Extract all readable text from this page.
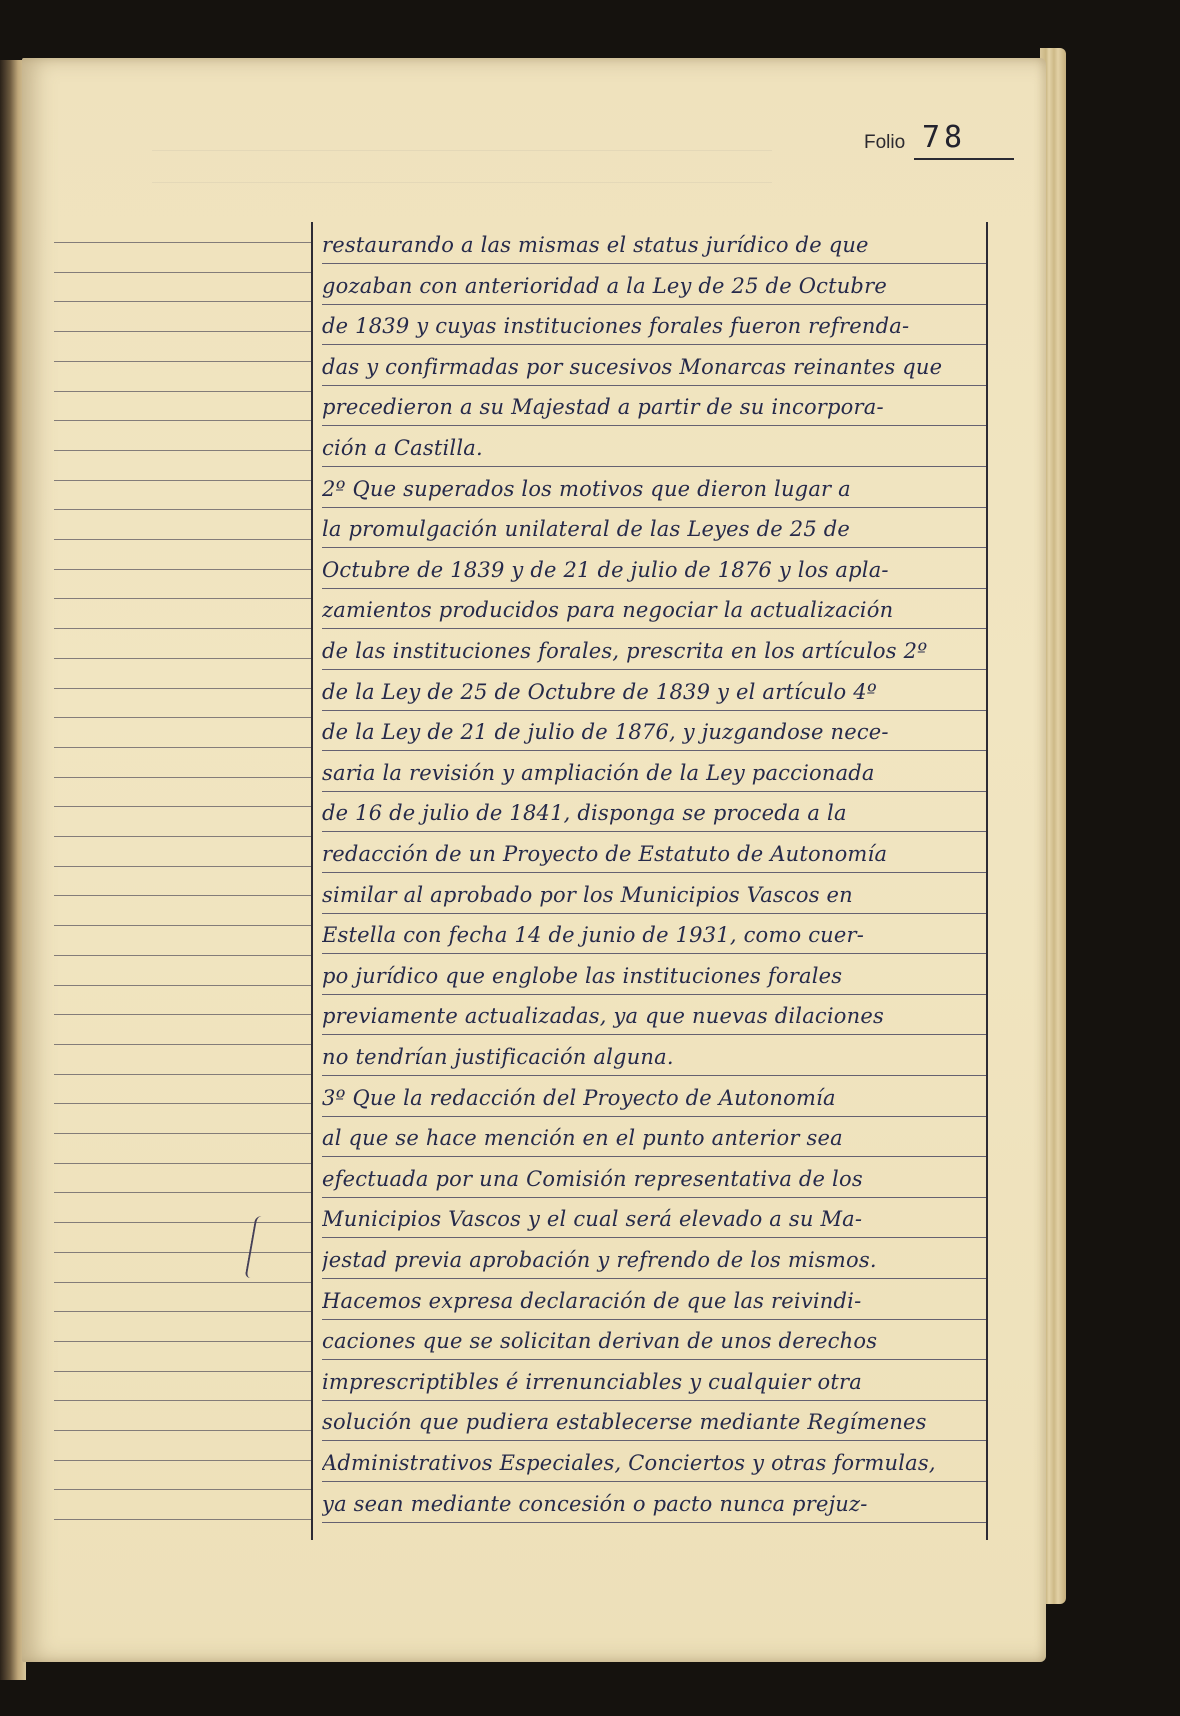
Folio 78
restaurando a las mismas el status jurídico de que
gozaban con anterioridad a la Ley de 25 de Octubre
de 1839 y cuyas instituciones forales fueron refrenda-
das y confirmadas por sucesivos Monarcas reinantes que
precedieron a su Majestad a partir de su incorpora-
ción a Castilla.
2º Que superados los motivos que dieron lugar a
la promulgación unilateral de las Leyes de 25 de
Octubre de 1839 y de 21 de julio de 1876 y los apla-
zamientos producidos para negociar la actualización
de las instituciones forales, prescrita en los artículos 2º
de la Ley de 25 de Octubre de 1839 y el artículo 4º
de la Ley de 21 de julio de 1876, y juzgandose nece-
saria la revisión y ampliación de la Ley paccionada
de 16 de julio de 1841, disponga se proceda a la
redacción de un Proyecto de Estatuto de Autonomía
similar al aprobado por los Municipios Vascos en
Estella con fecha 14 de junio de 1931, como cuer-
po jurídico que englobe las instituciones forales
previamente actualizadas, ya que nuevas dilaciones
no tendrían justificación alguna.
3º Que la redacción del Proyecto de Autonomía
al que se hace mención en el punto anterior sea
efectuada por una Comisión representativa de los
Municipios Vascos y el cual será elevado a su Ma-
jestad previa aprobación y refrendo de los mismos.
Hacemos expresa declaración de que las reivindi-
caciones que se solicitan derivan de unos derechos
imprescriptibles é irrenunciables y cualquier otra
solución que pudiera establecerse mediante Regímenes
Administrativos Especiales, Conciertos y otras formulas,
ya sean mediante concesión o pacto nunca prejuz-
